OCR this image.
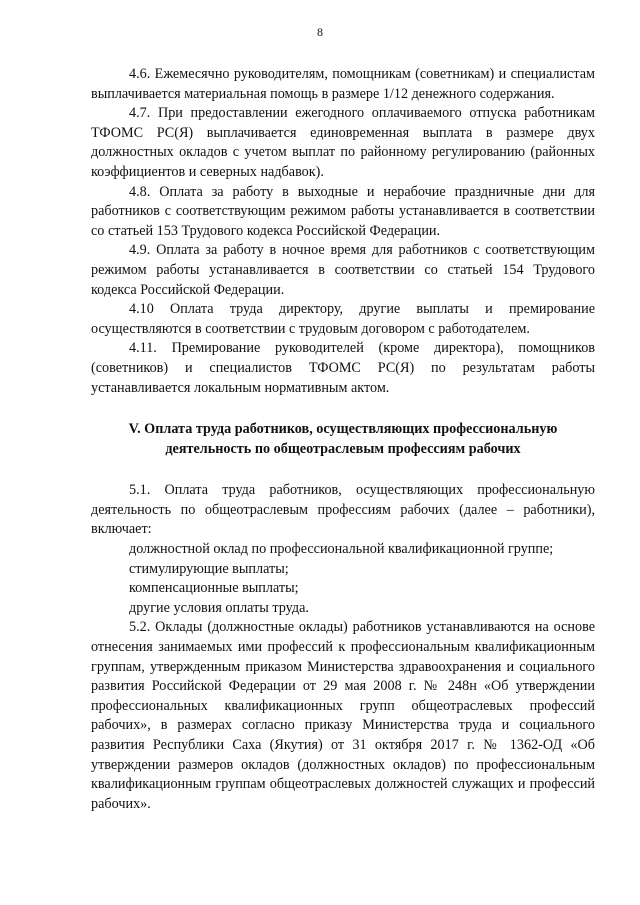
8

4.6. Ежемесячно руководителям, помощникам (советникам) и специалистам выплачивается материальная помощь в размере 1/12 денежного содержания.

4.7. При предоставлении ежегодного оплачиваемого отпуска работникам ТФОМС РС(Я) выплачивается единовременная выплата в размере двух должностных окладов с учетом выплат по районному регулированию (районных коэффициентов и северных надбавок).

4.8. Оплата за работу в выходные и нерабочие праздничные дни для работников с соответствующим режимом работы устанавливается в соответствии со статьей 153 Трудового кодекса Российской Федерации.

4.9. Оплата за работу в ночное время для работников с соответствующим режимом работы устанавливается в соответствии со статьей 154 Трудового кодекса Российской Федерации.

4.10 Оплата труда директору, другие выплаты и премирование осуществляются в соответствии с трудовым договором с работодателем.

4.11. Премирование руководителей (кроме директора), помощников (советников) и специалистов ТФОМС РС(Я) по результатам работы устанавливается локальным нормативным актом.

V. Оплата труда работников, осуществляющих профессиональную

деятельность по общеотраслевым профессиям рабочих

5.1. Оплата труда работников, осуществляющих профессиональную деятельность по общеотраслевым профессиям рабочих (далее – работники), включает:

должностной оклад по профессиональной квалификационной группе;

стимулирующие выплаты;

компенсационные выплаты;

другие условия оплаты труда.

5.2. Оклады (должностные оклады) работников устанавливаются на основе отнесения занимаемых ими профессий к профессиональным квалификационным группам, утвержденным приказом Министерства здравоохранения и социального развития Российской Федерации от 29 мая 2008 г. № 248н «Об утверждении профессиональных квалификационных групп общеотраслевых профессий рабочих», в размерах согласно приказу Министерства труда и социального развития Республики Саха (Якутия) от 31 октября 2017 г. № 1362-ОД «Об утверждении размеров окладов (должностных окладов) по профессиональным квалификационным группам общеотраслевых должностей служащих и профессий рабочих».
